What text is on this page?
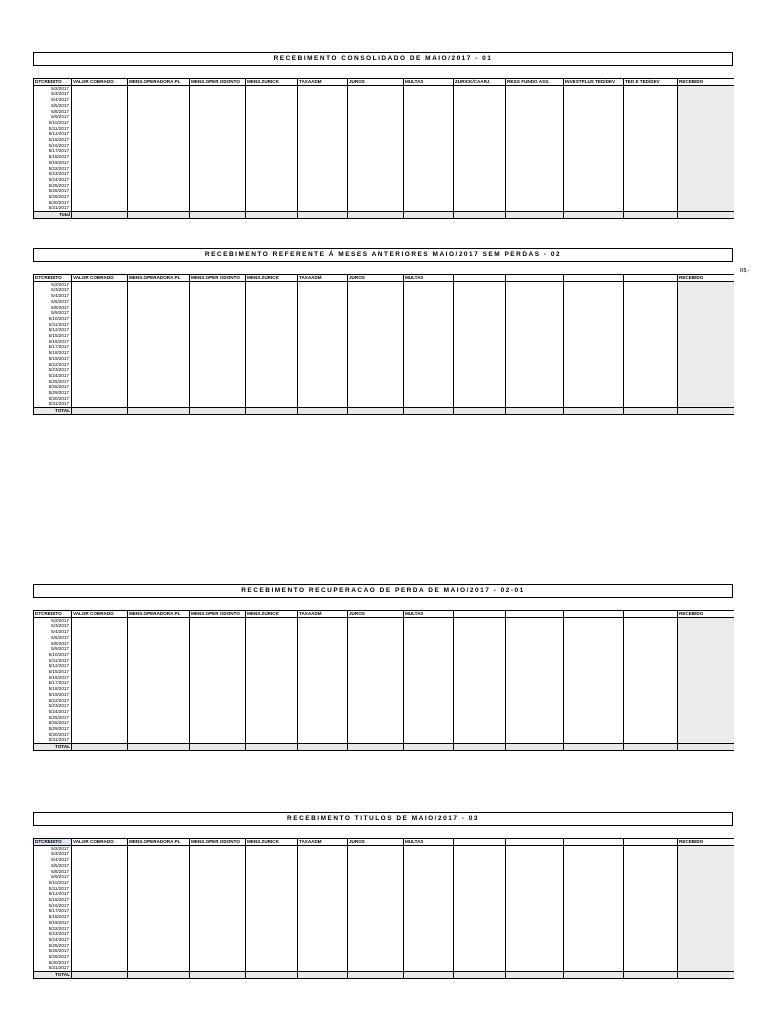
RECEBIMENTO CONSOLIDADO DE MAIO/2017 - 01
DTCREDITO	VALOR COBRADO	MENS.OPERADORA PL	MENS.OPER ODONTO	MENS.ZURICK	TAXAADM	JUROS	MULTAS	ZURICK/CAARJ	RESG FUNDO ASS.	INVESTPLUS TED/DEV	TED E TED/DEV	RECEBIDO
5/2/2017												
5/3/2017												
5/4/2017												
5/5/2017												
5/8/2017												
5/9/2017												
5/10/2017												
5/11/2017												
5/12/2017												
5/15/2017												
5/16/2017												
5/17/2017												
5/18/2017												
5/19/2017												
5/22/2017												
5/23/2017												
5/24/2017												
5/25/2017												
5/26/2017												
5/29/2017												
5/30/2017												
5/31/2017												
Total												
R$ -
RECEBIMENTO REFERENTE Á MESES ANTERIORES MAIO/2017 SEM PERDAS - 02
DTCREDITO	VALOR COBRADO	MENS.OPERADORA PL	MENS.OPER ODONTO	MENS.ZURICK	TAXAADM	JUROS	MULTAS					RECEBIDO
5/2/2017												
5/3/2017												
5/4/2017												
5/5/2017												
5/8/2017												
5/9/2017												
5/10/2017												
5/11/2017												
5/12/2017												
5/15/2017												
5/16/2017												
5/17/2017												
5/18/2017												
5/19/2017												
5/22/2017												
5/23/2017												
5/24/2017												
5/25/2017												
5/26/2017												
5/29/2017												
5/30/2017												
5/31/2017												
TOTAL												
RECEBIMENTO RECUPERACAO DE PERDA DE MAIO/2017 - 02-01
DTCREDITO	VALOR COBRADO	MENS.OPERADORA PL	MENS.OPER ODONTO	MENS.ZURICK	TAXAADM	JUROS	MULTAS					RECEBIDO
5/2/2017												
5/3/2017												
5/4/2017												
5/5/2017												
5/8/2017												
5/9/2017												
5/10/2017												
5/11/2017												
5/12/2017												
5/15/2017												
5/16/2017												
5/17/2017												
5/18/2017												
5/19/2017												
5/22/2017												
5/23/2017												
5/24/2017												
5/25/2017												
5/26/2017												
5/29/2017												
5/30/2017												
5/31/2017												
TOTAL												
RECEBIMENTO TITULOS DE MAIO/2017 - 03
DTCREDITO	VALOR COBRADO	MENS.OPERADORA PL	MENS.OPER ODONTO	MENS.ZURICK	TAXAADM	JUROS	MULTAS					RECEBIDO
5/2/2017												
5/3/2017												
5/4/2017												
5/5/2017												
5/8/2017												
5/9/2017												
5/10/2017												
5/11/2017												
5/12/2017												
5/15/2017												
5/16/2017												
5/17/2017												
5/18/2017												
5/19/2017												
5/22/2017												
5/23/2017												
5/24/2017												
5/25/2017												
5/26/2017												
5/29/2017												
5/30/2017												
5/31/2017												
TOTAL												
